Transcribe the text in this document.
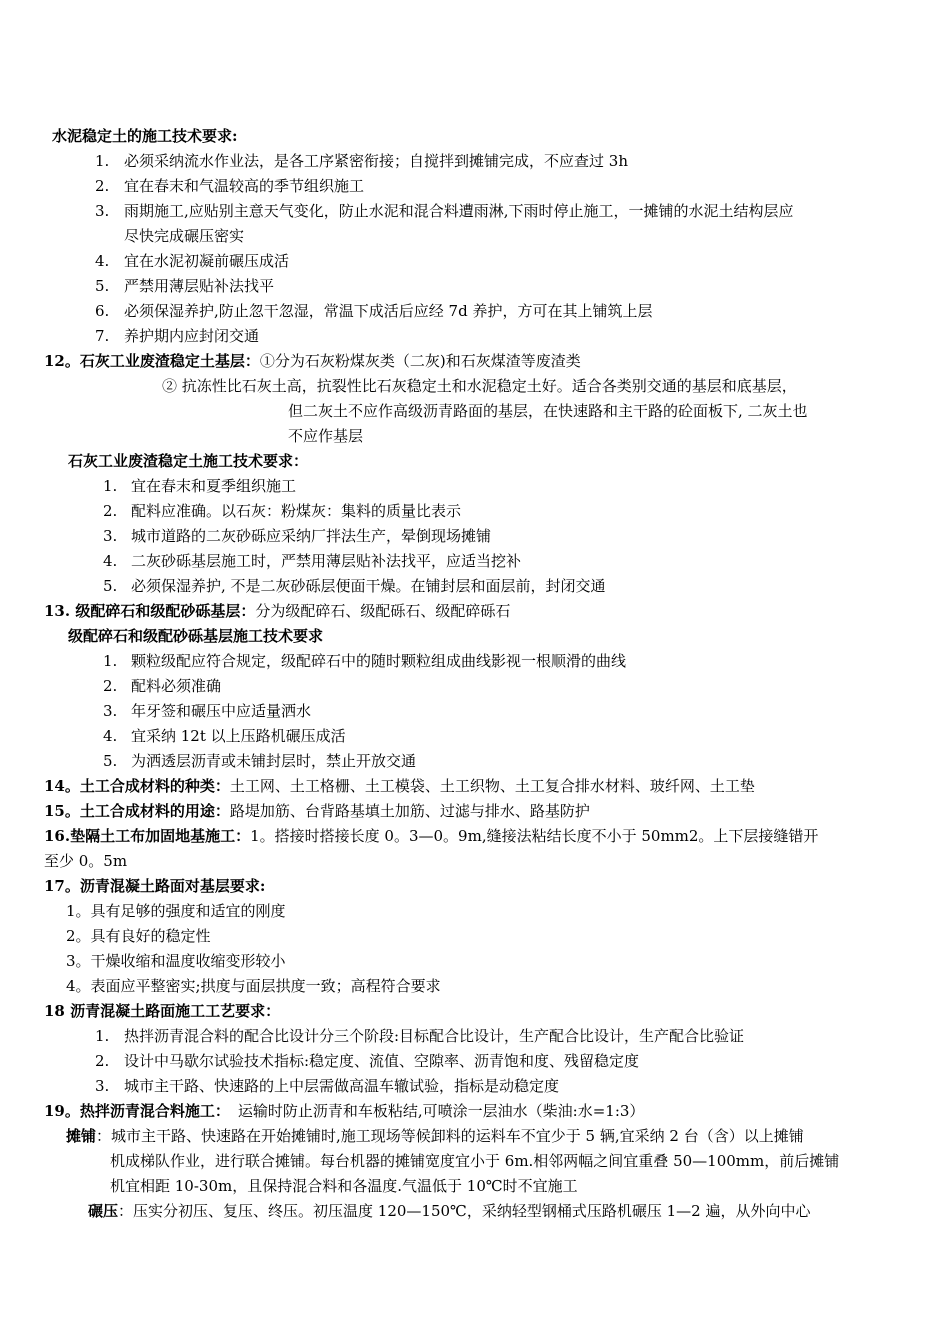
水泥稳定土的施工技术要求:
1. 必须采纳流水作业法，是各工序紧密衔接；自搅拌到摊铺完成，不应查过 3h
2. 宜在春末和气温较高的季节组织施工
3. 雨期施工,应贴别主意天气变化，防止水泥和混合料遭雨淋,下雨时停止施工，一摊铺的水泥土结构层应
尽快完成碾压密实
4. 宜在水泥初凝前碾压成活
5. 严禁用薄层贴补法找平
6. 必须保湿养护,防止忽干忽湿，常温下成活后应经 7d 养护，方可在其上铺筑上层
7. 养护期内应封闭交通
12。石灰工业废渣稳定土基层：①分为石灰粉煤灰类（二灰)和石灰煤渣等废渣类
② 抗冻性比石灰土高，抗裂性比石灰稳定土和水泥稳定土好。适合各类别交通的基层和底基层，
但二灰土不应作高级沥青路面的基层，在快速路和主干路的砼面板下, 二灰土也
不应作基层
石灰工业废渣稳定土施工技术要求：
1. 宜在春末和夏季组织施工
2. 配料应准确。以石灰：粉煤灰：集料的质量比表示
3. 城市道路的二灰砂砾应采纳厂拌法生产，晕倒现场摊铺
4. 二灰砂砾基层施工时，严禁用薄层贴补法找平，应适当挖补
5. 必须保湿养护, 不是二灰砂砾层便面干燥。在铺封层和面层前，封闭交通
13. 级配碎石和级配砂砾基层：分为级配碎石、级配砾石、级配碎砾石
级配碎石和级配砂砾基层施工技术要求
1. 颗粒级配应符合规定，级配碎石中的随时颗粒组成曲线影视一根顺滑的曲线
2. 配料必须准确
3. 年牙签和碾压中应适量洒水
4. 宜采纳 12t 以上压路机碾压成活
5. 为洒透层沥青或未铺封层时，禁止开放交通
14。土工合成材料的种类：土工网、土工格栅、土工模袋、土工织物、土工复合排水材料、玻纤网、土工垫
15。土工合成材料的用途：路堤加筋、台背路基填土加筋、过滤与排水、路基防护
16.垫隔土工布加固地基施工：1。搭接时搭接长度 0。3—0。9m,缝接法粘结长度不小于 50mm2。上下层接缝错开
至少 0。5m
17。沥青混凝土路面对基层要求:
1。具有足够的强度和适宜的刚度
2。具有良好的稳定性
3。干燥收缩和温度收缩变形较小
4。表面应平整密实;拱度与面层拱度一致；高程符合要求
18 沥青混凝土路面施工工艺要求：
1. 热拌沥青混合料的配合比设计分三个阶段:目标配合比设计，生产配合比设计，生产配合比验证
2. 设计中马歇尔试验技术指标:稳定度、流值、空隙率、沥青饱和度、残留稳定度
3. 城市主干路、快速路的上中层需做高温车辙试验，指标是动稳定度
19。热拌沥青混合料施工： 运输时防止沥青和车板粘结,可喷涂一层油水（柴油:水=1:3）
摊铺：城市主干路、快速路在开始摊铺时,施工现场等候卸料的运料车不宜少于 5 辆,宜采纳 2 台（含）以上摊铺
机成梯队作业，进行联合摊铺。每台机器的摊铺宽度宜小于 6m.相邻两幅之间宜重叠 50—100mm，前后摊铺
机宜相距 10-30m，且保持混合料和各温度.气温低于 10℃时不宜施工
碾压：压实分初压、复压、终压。初压温度 120—150℃，采纳轻型钢桶式压路机碾压 1—2 遍，从外向中心
